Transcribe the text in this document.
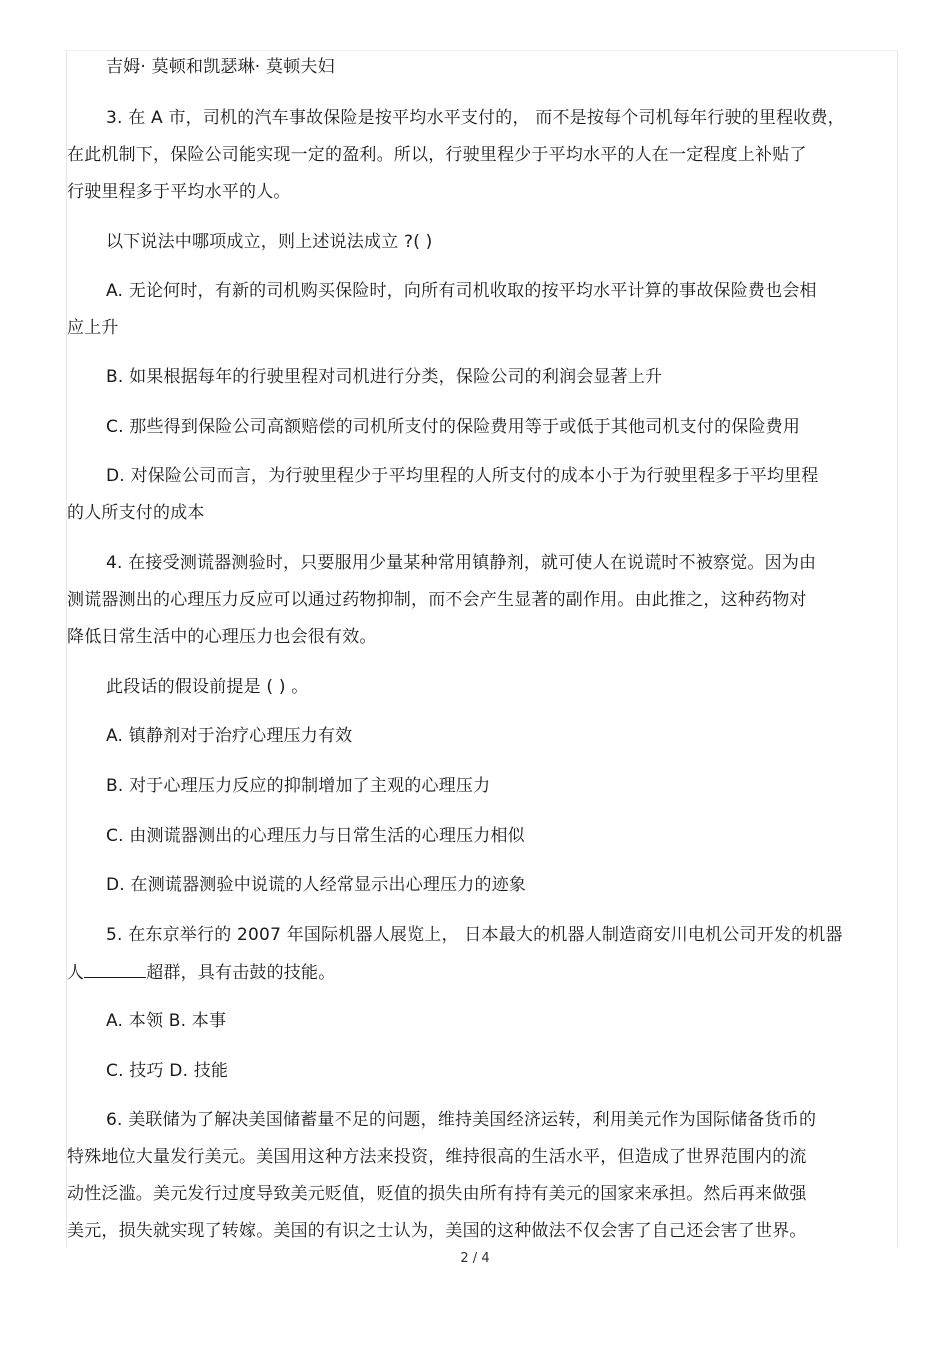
吉姆· 莫顿和凯瑟琳· 莫顿夫妇
3. 在 A 市，司机的汽车事故保险是按平均水平支付的， 而不是按每个司机每年行驶的里程收费，
在此机制下，保险公司能实现一定的盈利。所以，行驶里程少于平均水平的人在一定程度上补贴了
行驶里程多于平均水平的人。
以下说法中哪项成立，则上述说法成立 ?( )
A. 无论何时，有新的司机购买保险时，向所有司机收取的按平均水平计算的事故保险费也会相
应上升
B. 如果根据每年的行驶里程对司机进行分类，保险公司的利润会显著上升
C. 那些得到保险公司高额赔偿的司机所支付的保险费用等于或低于其他司机支付的保险费用
D. 对保险公司而言，为行驶里程少于平均里程的人所支付的成本小于为行驶里程多于平均里程
的人所支付的成本
4. 在接受测谎器测验时，只要服用少量某种常用镇静剂，就可使人在说谎时不被察觉。因为由
测谎器测出的心理压力反应可以通过药物抑制，而不会产生显著的副作用。由此推之，这种药物对
降低日常生活中的心理压力也会很有效。
此段话的假设前提是 ( ) 。
A. 镇静剂对于治疗心理压力有效
B. 对于心理压力反应的抑制增加了主观的心理压力
C. 由测谎器测出的心理压力与日常生活的心理压力相似
D. 在测谎器测验中说谎的人经常显示出心理压力的迹象
5. 在东京举行的 2007 年国际机器人展览上， 日本最大的机器人制造商安川电机公司开发的机器
人	超群，具有击鼓的技能。
A. 本领 B. 本事
C. 技巧 D. 技能
6. 美联储为了解决美国储蓄量不足的问题，维持美国经济运转，利用美元作为国际储备货币的
特殊地位大量发行美元。美国用这种方法来投资，维持很高的生活水平，但造成了世界范围内的流
动性泛滥。美元发行过度导致美元贬值，贬值的损失由所有持有美元的国家来承担。然后再来做强
美元，损失就实现了转嫁。美国的有识之士认为，美国的这种做法不仅会害了自己还会害了世界。
2 / 4
